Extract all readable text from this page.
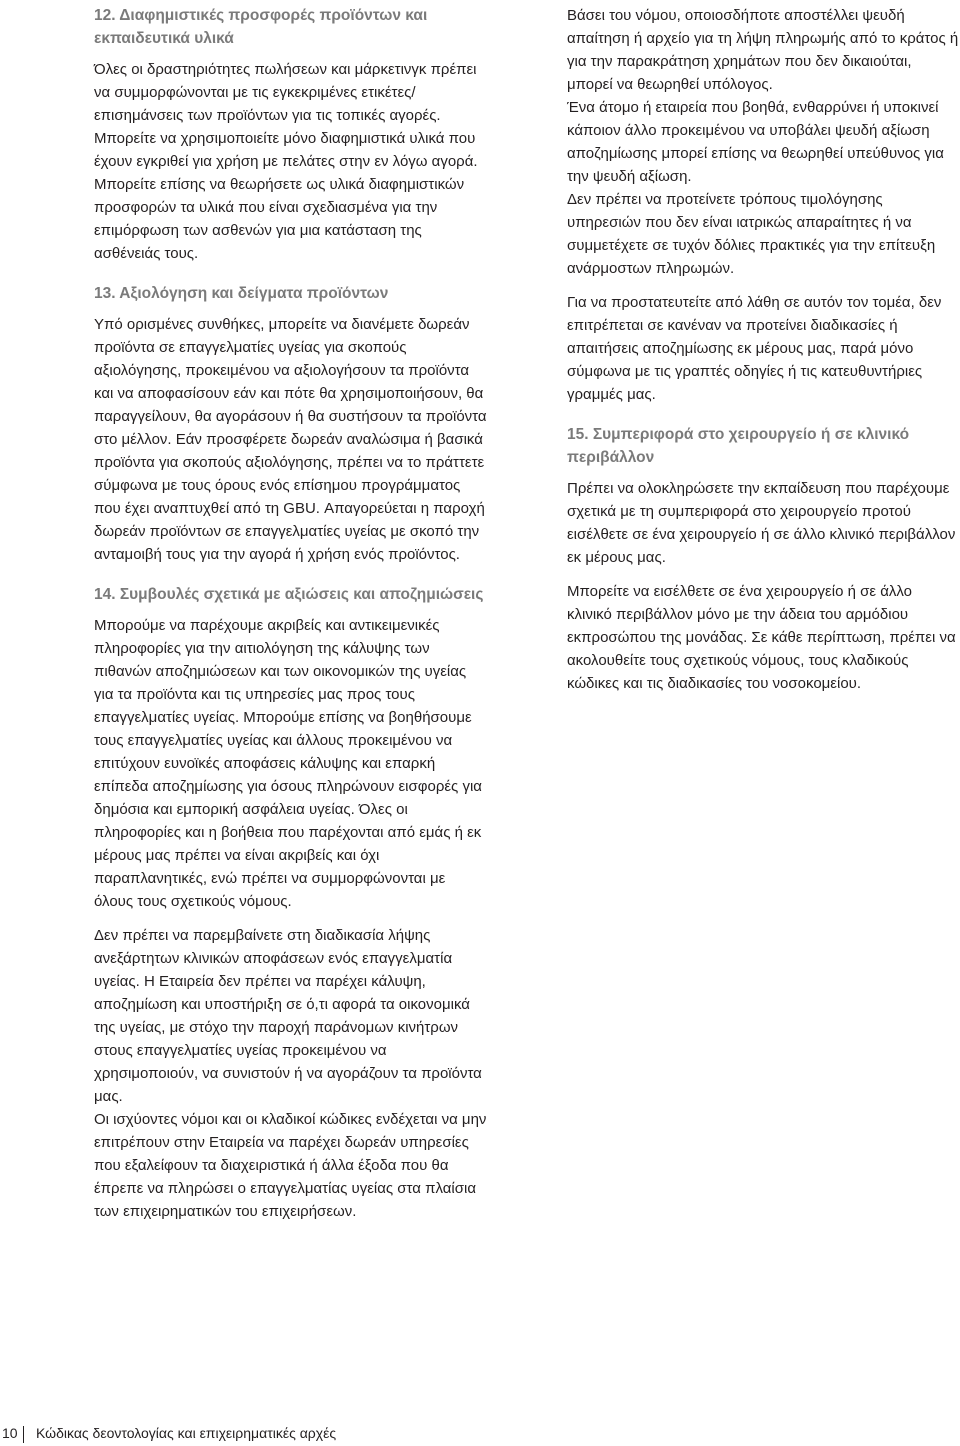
12. Διαφημιστικές προσφορές προϊόντων και εκπαιδευτικά υλικά

Όλες οι δραστηριότητες πωλήσεων και μάρκετινγκ πρέπει να συμμορφώνονται με τις εγκεκριμένες ετικέτες/επισημάνσεις των προϊόντων για τις τοπικές αγορές. Μπορείτε να χρησιμοποιείτε μόνο διαφημιστικά υλικά που έχουν εγκριθεί για χρήση με πελάτες στην εν λόγω αγορά. Μπορείτε επίσης να θεωρήσετε ως υλικά διαφημιστικών προσφορών τα υλικά που είναι σχεδιασμένα για την επιμόρφωση των ασθενών για μια κατάσταση της ασθένειάς τους.

13. Αξιολόγηση και δείγματα προϊόντων

Υπό ορισμένες συνθήκες, μπορείτε να διανέμετε δωρεάν προϊόντα σε επαγγελματίες υγείας για σκοπούς αξιολόγησης, προκειμένου να αξιολογήσουν τα προϊόντα και να αποφασίσουν εάν και πότε θα χρησιμοποιήσουν, θα παραγγείλουν, θα αγοράσουν ή θα συστήσουν τα προϊόντα στο μέλλον. Εάν προσφέρετε δωρεάν αναλώσιμα ή βασικά προϊόντα για σκοπούς αξιολόγησης, πρέπει να το πράττετε σύμφωνα με τους όρους ενός επίσημου προγράμματος που έχει αναπτυχθεί από τη GBU. Απαγορεύεται η παροχή δωρεάν προϊόντων σε επαγγελματίες υγείας με σκοπό την ανταμοιβή τους για την αγορά ή χρήση ενός προϊόντος.

14. Συμβουλές σχετικά με αξιώσεις και αποζημιώσεις

Μπορούμε να παρέχουμε ακριβείς και αντικειμενικές πληροφορίες για την αιτιολόγηση της κάλυψης των πιθανών αποζημιώσεων και των οικονομικών της υγείας για τα προϊόντα και τις υπηρεσίες μας προς τους επαγγελματίες υγείας. Μπορούμε επίσης να βοηθήσουμε τους επαγγελματίες υγείας και άλλους προκειμένου να επιτύχουν ευνοϊκές αποφάσεις κάλυψης και επαρκή επίπεδα αποζημίωσης για όσους πληρώνουν εισφορές για δημόσια και εμπορική ασφάλεια υγείας. Όλες οι πληροφορίες και η βοήθεια που παρέχονται από εμάς ή εκ μέρους μας πρέπει να είναι ακριβείς και όχι παραπλανητικές, ενώ πρέπει να συμμορφώνονται με όλους τους σχετικούς νόμους.

Δεν πρέπει να παρεμβαίνετε στη διαδικασία λήψης ανεξάρτητων κλινικών αποφάσεων ενός επαγγελματία υγείας. Η Εταιρεία δεν πρέπει να παρέχει κάλυψη, αποζημίωση και υποστήριξη σε ό,τι αφορά τα οικονομικά της υγείας, με στόχο την παροχή παράνομων κινήτρων στους επαγγελματίες υγείας προκειμένου να χρησιμοποιούν, να συνιστούν ή να αγοράζουν τα προϊόντα μας.
Οι ισχύοντες νόμοι και οι κλαδικοί κώδικες ενδέχεται να μην επιτρέπουν στην Εταιρεία να παρέχει δωρεάν υπηρεσίες που εξαλείφουν τα διαχειριστικά ή άλλα έξοδα που θα έπρεπε να πληρώσει ο επαγγελματίας υγείας στα πλαίσια των επιχειρηματικών του επιχειρήσεων.

Βάσει του νόμου, οποιοσδήποτε αποστέλλει ψευδή απαίτηση ή αρχείο για τη λήψη πληρωμής από το κράτος ή για την παρακράτηση χρημάτων που δεν δικαιούται, μπορεί να θεωρηθεί υπόλογος.
Ένα άτομο ή εταιρεία που βοηθά, ενθαρρύνει ή υποκινεί κάποιον άλλο προκειμένου να υποβάλει ψευδή αξίωση αποζημίωσης μπορεί επίσης να θεωρηθεί υπεύθυνος για την ψευδή αξίωση.
Δεν πρέπει να προτείνετε τρόπους τιμολόγησης υπηρεσιών που δεν είναι ιατρικώς απαραίτητες ή να συμμετέχετε σε τυχόν δόλιες πρακτικές για την επίτευξη ανάρμοστων πληρωμών.

Για να προστατευτείτε από λάθη σε αυτόν τον τομέα, δεν επιτρέπεται σε κανέναν να προτείνει διαδικασίες ή απαιτήσεις αποζημίωσης εκ μέρους μας, παρά μόνο σύμφωνα με τις γραπτές οδηγίες ή τις κατευθυντήριες γραμμές μας.

15. Συμπεριφορά στο χειρουργείο ή σε κλινικό περιβάλλον

Πρέπει να ολοκληρώσετε την εκπαίδευση που παρέχουμε σχετικά με τη συμπεριφορά στο χειρουργείο προτού εισέλθετε σε ένα χειρουργείο ή σε άλλο κλινικό περιβάλλον εκ μέρους μας.

Μπορείτε να εισέλθετε σε ένα χειρουργείο ή σε άλλο κλινικό περιβάλλον μόνο με την άδεια του αρμόδιου εκπροσώπου της μονάδας. Σε κάθε περίπτωση, πρέπει να ακολουθείτε τους σχετικούς νόμους, τους κλαδικούς κώδικες και τις διαδικασίες του νοσοκομείου.

10 Κώδικας δεοντολογίας και επιχειρηματικές αρχές
